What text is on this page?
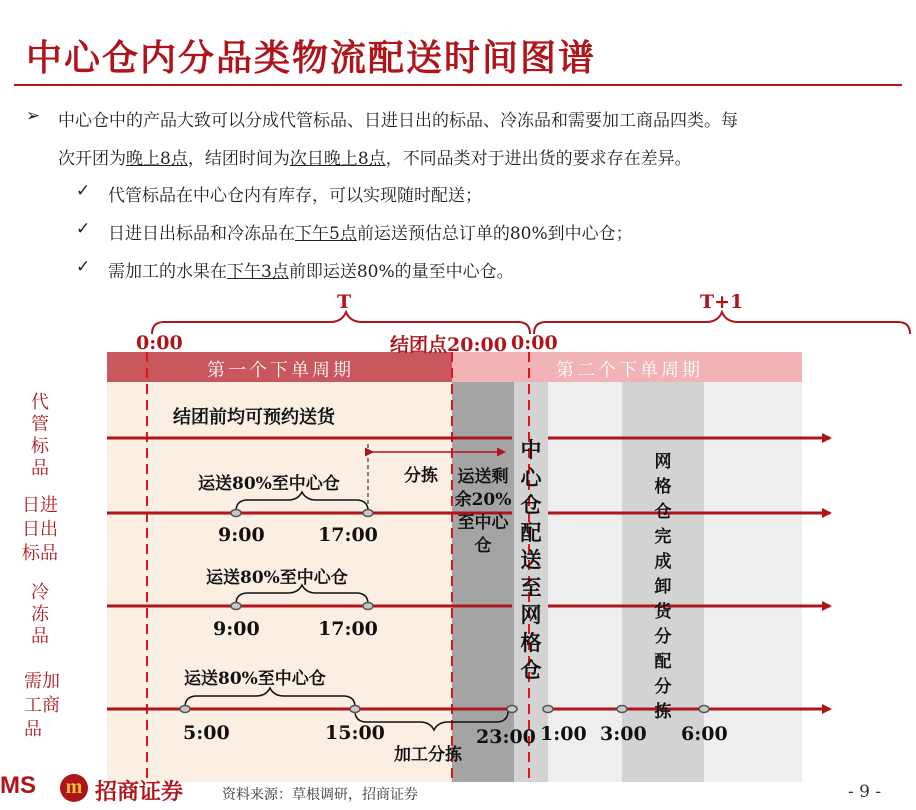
中心仓内分品类物流配送时间图谱
➢ 中心仓中的产品大致可以分成代管标品、日进日出的标品、冷冻品和需要加工商品四类。每
次开团为晚上8点，结团时间为次日晚上8点，不同品类对于进出货的要求存在差异。
✓ 代管标品在中心仓内有库存，可以实现随时配送；
✓ 日进日出标品和冷冻品在下午5点前运送预估总订单的80%到中心仓；
✓ 需加工的水果在下午3点前即运送80%的量至中心仓。
T	T+1
0:00	结团点20:00 0:00
第一个下单周期	第二个下单周期
代管标品
日进
日出
标品
冷冻品
需加
工商
品
结团前均可预约送货
分拣
运送80%至中心仓
运送80%至中心仓
运送80%至中心仓
加工分拣
运送剩余20%至中心仓
中心仓配送至网格仓
网格仓完成卸货分配分拣
9:00	17:00
9:00	17:00
5:00	15:00	23:00 1:00 3:00 6:00
MS m 招商证券	资料来源：草根调研，招商证券	- 9 -
